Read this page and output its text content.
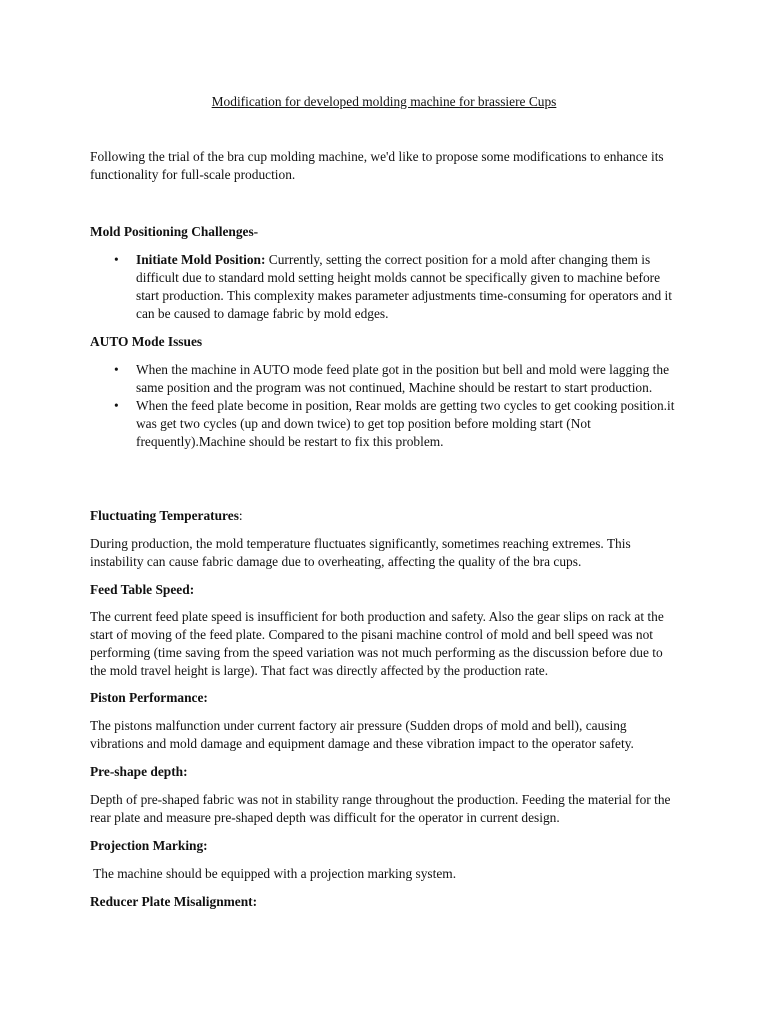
Modification for developed molding machine for brassiere Cups

Following the trial of the bra cup molding machine, we'd like to propose some modifications to enhance its functionality for full-scale production.

Mold Positioning Challenges-

• Initiate Mold Position: Currently, setting the correct position for a mold after changing them is difficult due to standard mold setting height molds cannot be specifically given to machine before start production. This complexity makes parameter adjustments time-consuming for operators and it can be caused to damage fabric by mold edges.

AUTO Mode Issues

• When the machine in AUTO mode feed plate got in the position but bell and mold were lagging the same position and the program was not continued, Machine should be restart to start production.
• When the feed plate become in position, Rear molds are getting two cycles to get cooking position.it was get two cycles (up and down twice) to get top position before molding start (Not frequently).Machine should be restart to fix this problem.

Fluctuating Temperatures:

During production, the mold temperature fluctuates significantly, sometimes reaching extremes. This instability can cause fabric damage due to overheating, affecting the quality of the bra cups.

Feed Table Speed:

The current feed plate speed is insufficient for both production and safety. Also the gear slips on rack at the start of moving of the feed plate. Compared to the pisani machine control of mold and bell speed was not performing (time saving from the speed variation was not much performing as the discussion before due to the mold travel height is large). That fact was directly affected by the production rate.

Piston Performance:

The pistons malfunction under current factory air pressure (Sudden drops of mold and bell), causing vibrations and mold damage and equipment damage and these vibration impact to the operator safety.

Pre-shape depth:

Depth of pre-shaped fabric was not in stability range throughout the production. Feeding the material for the rear plate and measure pre-shaped depth was difficult for the operator in current design.

Projection Marking:

The machine should be equipped with a projection marking system.

Reducer Plate Misalignment:
